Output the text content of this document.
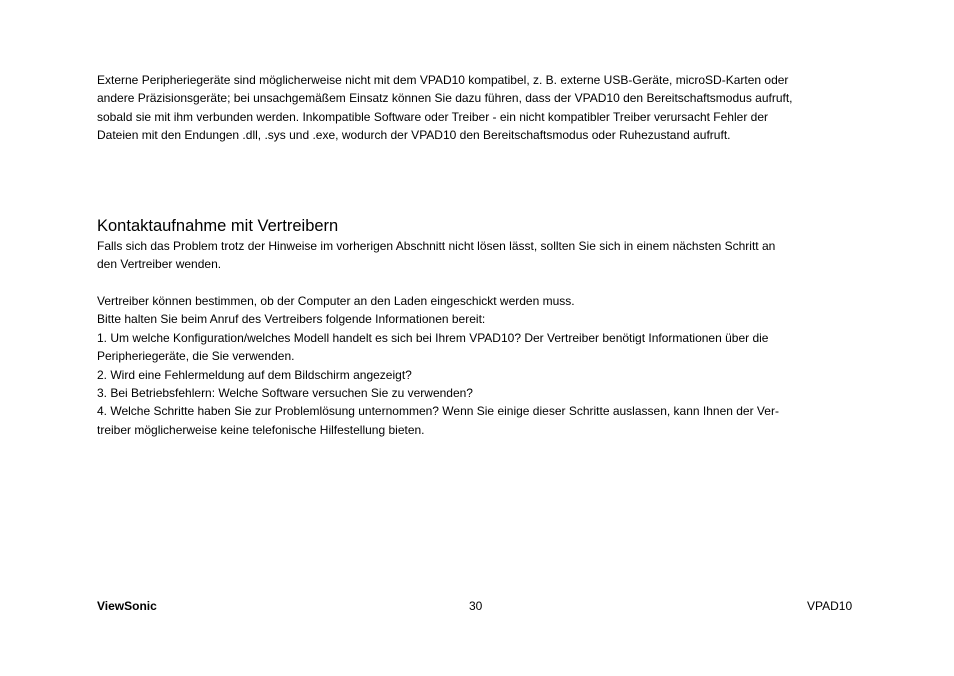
Externe Peripheriegeräte sind möglicherweise nicht mit dem VPAD10 kompatibel, z. B. externe USB-Geräte, microSD-Karten oder
andere Präzisionsgeräte; bei unsachgemäßem Einsatz können Sie dazu führen, dass der VPAD10 den Bereitschaftsmodus aufruft,
sobald sie mit ihm verbunden werden. Inkompatible Software oder Treiber - ein nicht kompatibler Treiber verursacht Fehler der
Dateien mit den Endungen .dll, .sys und .exe, wodurch der VPAD10 den Bereitschaftsmodus oder Ruhezustand aufruft.
Kontaktaufnahme mit Vertreibern
Falls sich das Problem trotz der Hinweise im vorherigen Abschnitt nicht lösen lässt, sollten Sie sich in einem nächsten Schritt an
den Vertreiber wenden.
Vertreiber können bestimmen, ob der Computer an den Laden eingeschickt werden muss.
Bitte halten Sie beim Anruf des Vertreibers folgende Informationen bereit:
1. Um welche Konfiguration/welches Modell handelt es sich bei Ihrem VPAD10? Der Vertreiber benötigt Informationen über die
Peripheriegeräte, die Sie verwenden.
2. Wird eine Fehlermeldung auf dem Bildschirm angezeigt?
3. Bei Betriebsfehlern: Welche Software versuchen Sie zu verwenden?
4. Welche Schritte haben Sie zur Problemlösung unternommen? Wenn Sie einige dieser Schritte auslassen, kann Ihnen der Ver-
treiber möglicherweise keine telefonische Hilfestellung bieten.
ViewSonic	30	VPAD10
